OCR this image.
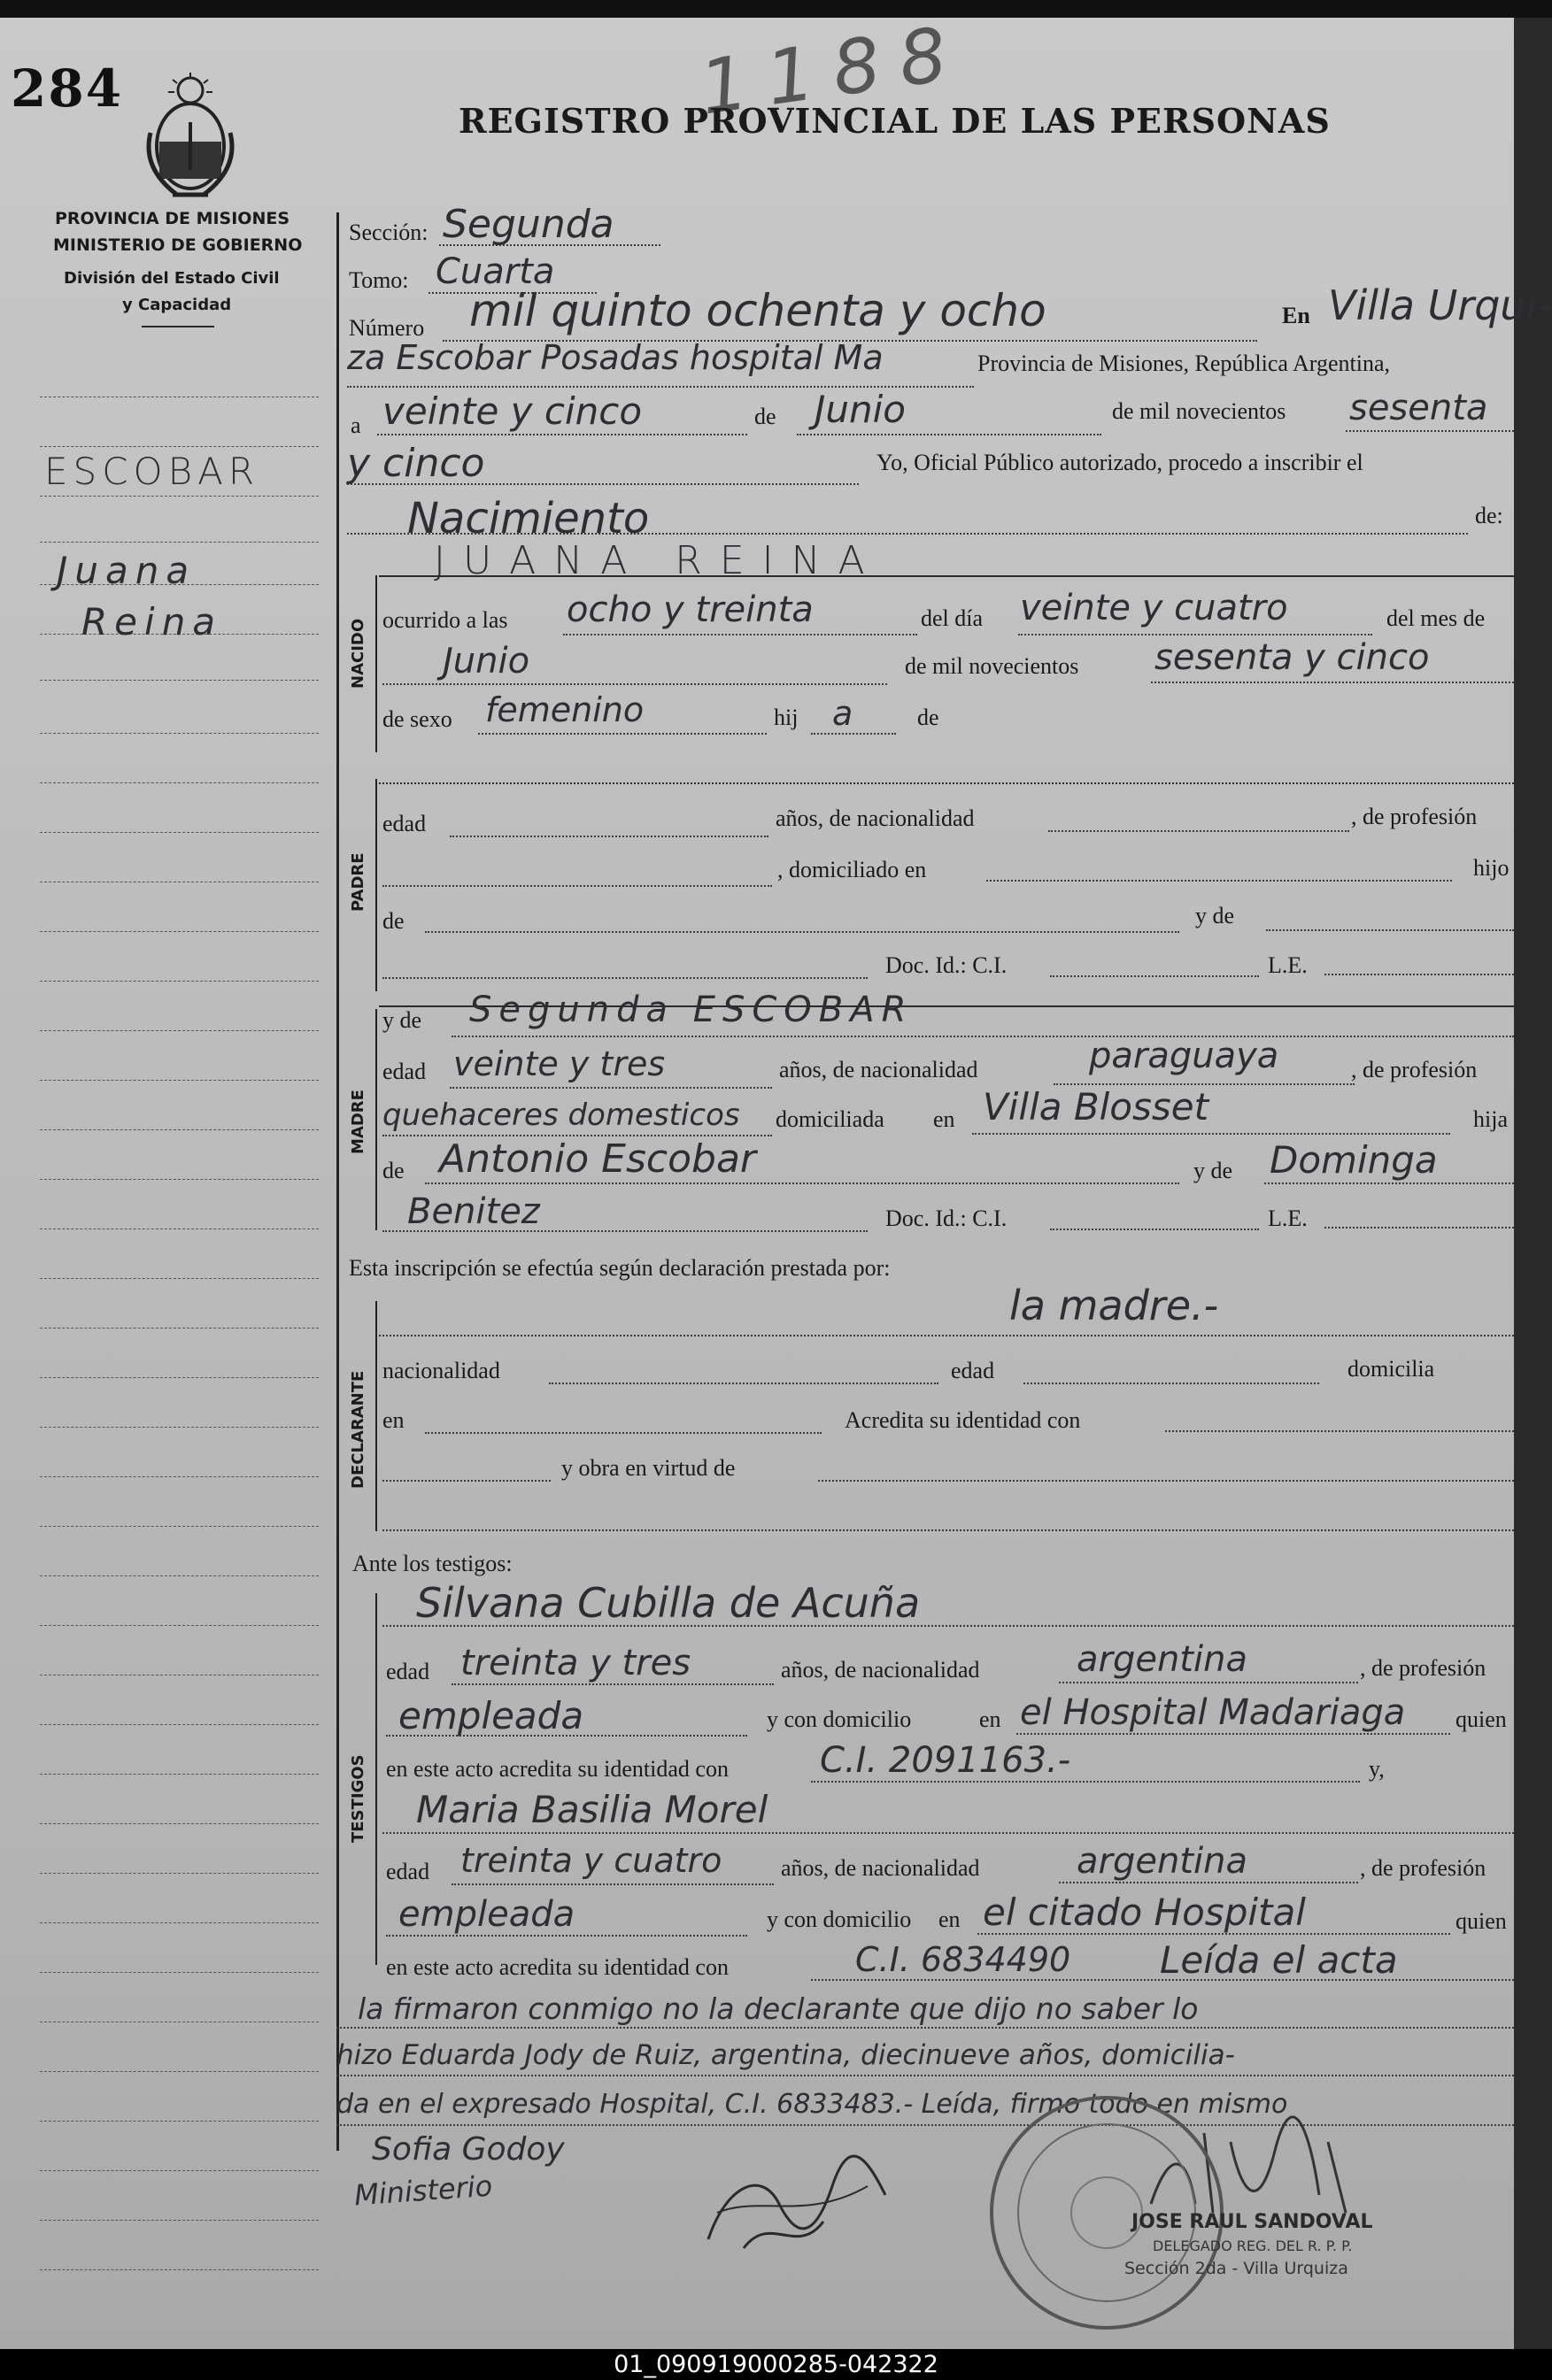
284	1188
REGISTRO PROVINCIAL DE LAS PERSONAS
PROVINCIA DE MISIONES
MINISTERIO DE GOBIERNO
División del Estado Civil
y Capacidad
ESCOBAR
Juana
Reina	NACIDO
PADRE
MADRE
DECLARANTE
TESTIGOS
Sección: Segunda
Tomo: Cuarta
Número mil quinto ochenta y ocho	En Villa Urqui-
za Escobar Posadas hospital Ma	Provincia de Misiones, República Argentina,
a veinte y cinco	de Junio	de mil novecientos sesenta
y cinco	Yo, Oficial Público autorizado, procedo a inscribir el
Nacimiento	de:
JUANA REINA
ocurrido a las ocho y treinta	del día veinte y cuatro	del mes de
Junio	de mil novecientos sesenta y cinco
de sexo femenino	hij a	de
edad	años, de nacionalidad	, de profesión
, domiciliado en	hijo
de	y de
Doc. Id.: C.I.	L.E.
y de Segunda ESCOBAR
edad veinte y tres	años, de nacionalidad	paraguaya	, de profesión
quehaceres domesticos domiciliada en Villa Blosset	hija
de Antonio Escobar	y de Dominga
Benitez	Doc. Id.: C.I.	L.E.
Esta inscripción se efectúa según declaración prestada por:
la madre.-
nacionalidad	edad	domicilia
en	Acredita su identidad con
y obra en virtud de
Ante los testigos:
Silvana Cubilla de Acuña
edad treinta y tres	años, de nacionalidad	argentina	, de profesión
empleada	y con domicilio	en el Hospital Madariaga quien
en este acto acredita su identidad con	C.I. 2091163.-	y,
Maria Basilia Morel
edad treinta y cuatro	años, de nacionalidad	argentina	, de profesión
empleada	y con domicilio en el citado Hospital	quien
en este acto acredita su identidad con	C.I. 6834490 Leída el acta
la firmaron conmigo no la declarante que dijo no saber lo
hizo Eduarda Jody de Ruiz, argentina, diecinueve años, domicilia-
da en el expresado Hospital, C.I. 6833483.- Leída, firmo todo en mismo
Sofia Godoy
Ministerio
JOSE RAUL SANDOVAL
DELEGADO REG. DEL R. P. P.
Sección 2da - Villa Urquiza
01_090919000285-042322
